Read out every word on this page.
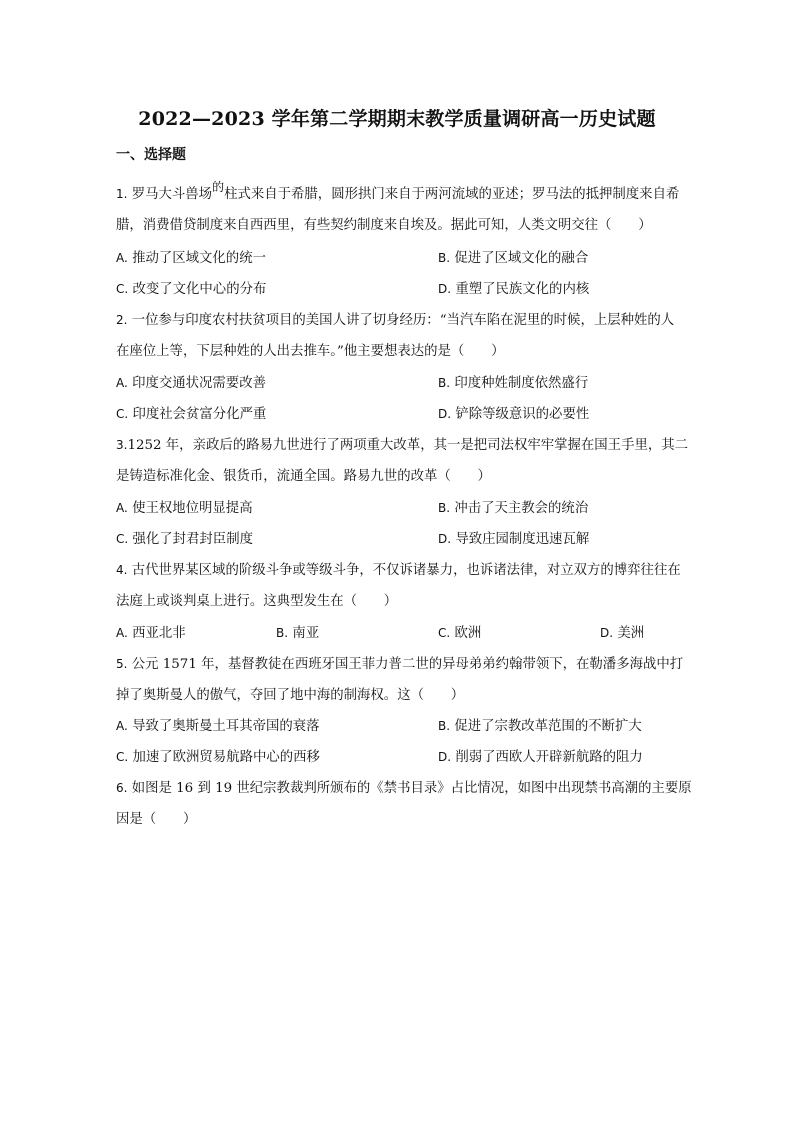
2022—2023 学年第二学期期末教学质量调研高一历史试题
一、选择题
1. 罗马大斗兽场的柱式来自于希腊，圆形拱门来自于两河流域的亚述；罗马法的抵押制度来自希
腊，消费借贷制度来自西西里，有些契约制度来自埃及。据此可知，人类文明交往（　　）
A. 推动了区域文化的统一	B. 促进了区域文化的融合
C. 改变了文化中心的分布	D. 重塑了民族文化的内核
2. 一位参与印度农村扶贫项目的美国人讲了切身经历：“当汽车陷在泥里的时候，上层种姓的人
在座位上等，下层种姓的人出去推车。”他主要想表达的是（　　）
A. 印度交通状况需要改善	B. 印度种姓制度依然盛行
C. 印度社会贫富分化严重	D. 铲除等级意识的必要性
3.1252 年，亲政后的路易九世进行了两项重大改革，其一是把司法权牢牢掌握在国王手里，其二
是铸造标准化金、银货币，流通全国。路易九世的改革（　　）
A. 使王权地位明显提高	B. 冲击了天主教会的统治
C. 强化了封君封臣制度	D. 导致庄园制度迅速瓦解
4. 古代世界某区域的阶级斗争或等级斗争，不仅诉诸暴力，也诉诸法律，对立双方的博弈往往在
法庭上或谈判桌上进行。这典型发生在（　　）
A. 西亚北非	B. 南亚	C. 欧洲	D. 美洲
5. 公元 1571 年，基督教徒在西班牙国王菲力普二世的异母弟弟约翰带领下，在勒潘多海战中打
掉了奥斯曼人的傲气，夺回了地中海的制海权。这（　　）
A. 导致了奥斯曼土耳其帝国的衰落	B. 促进了宗教改革范围的不断扩大
C. 加速了欧洲贸易航路中心的西移	D. 削弱了西欧人开辟新航路的阻力
6. 如图是 16 到 19 世纪宗教裁判所颁布的《禁书目录》占比情况，如图中出现禁书高潮的主要原
因是（　　）
